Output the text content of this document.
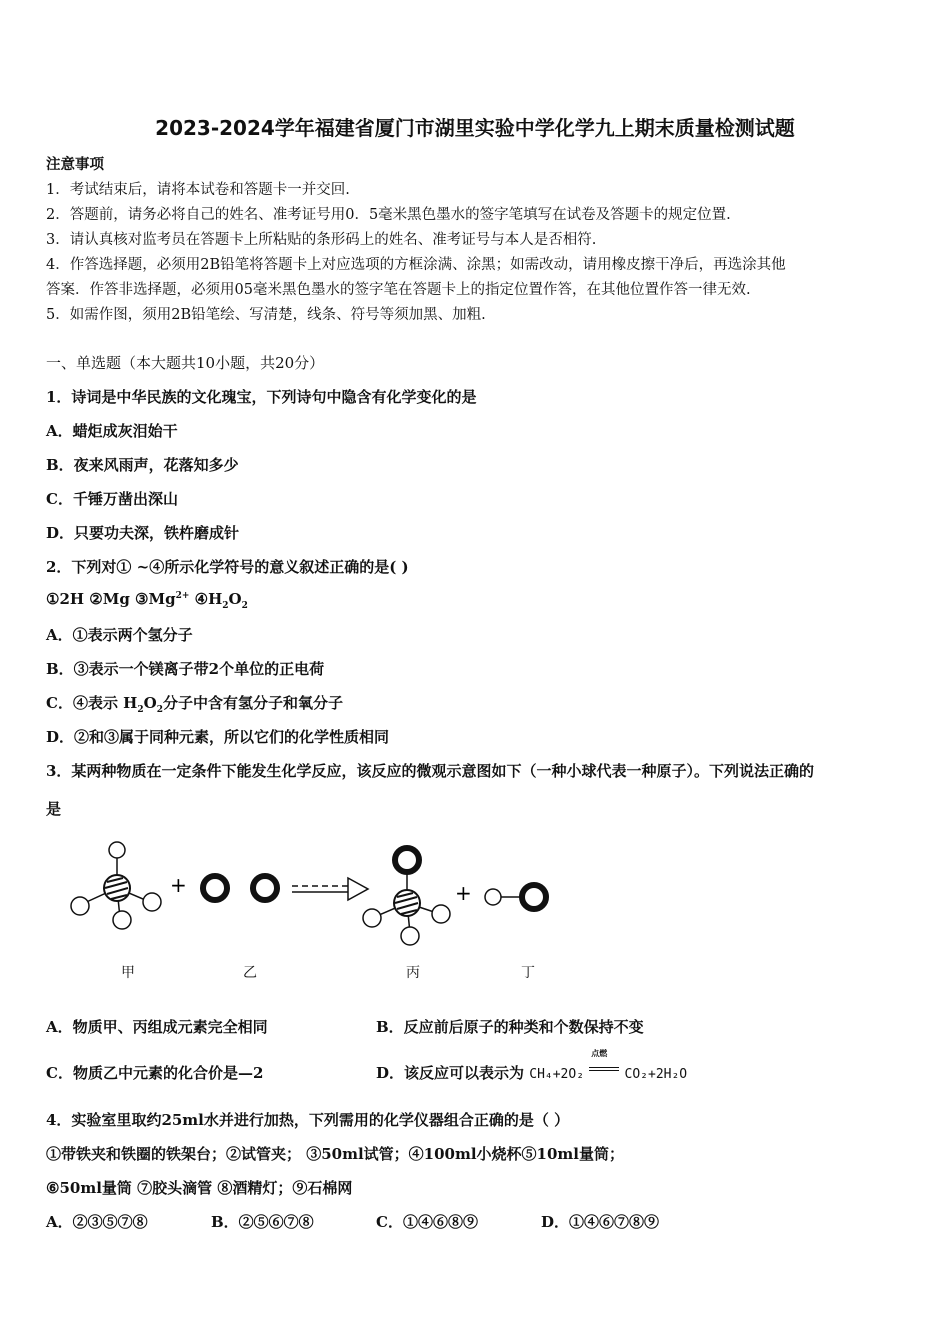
2023-2024学年福建省厦门市湖里实验中学化学九上期末质量检测试题
注意事项
1．考试结束后，请将本试卷和答题卡一并交回.
2．答题前，请务必将自己的姓名、准考证号用0．5毫米黑色墨水的签字笔填写在试卷及答题卡的规定位置.
3．请认真核对监考员在答题卡上所粘贴的条形码上的姓名、准考证号与本人是否相符.
4．作答选择题，必须用2B铅笔将答题卡上对应选项的方框涂满、涂黑；如需改动，请用橡皮擦干净后，再选涂其他
答案．作答非选择题，必须用05毫米黑色墨水的签字笔在答题卡上的指定位置作答，在其他位置作答一律无效.
5．如需作图，须用2B铅笔绘、写清楚，线条、符号等须加黑、加粗.
一、单选题（本大题共10小题，共20分）
1．诗词是中华民族的文化瑰宝，下列诗句中隐含有化学变化的是
A．蜡炬成灰泪始干
B．夜来风雨声，花落知多少
C．千锤万凿出深山
D．只要功夫深，铁杵磨成针
2．下列对① ~④所示化学符号的意义叙述正确的是( )
①2H ②Mg $③Mg^{2+}$ $④H_2O_2$
A．①表示两个氢分子
B．③表示一个镁离子带2个单位的正电荷
C．④表示 $H_2O_2$分子中含有氢分子和氧分子
D．②和③属于同种元素，所以它们的化学性质相同
3．某两种物质在一定条件下能发生化学反应，该反应的微观示意图如下（一种小球代表一种原子）。下列说法正确的
是
+	+
甲	乙	丙	丁
A．物质甲、丙组成元素完全相同	B．反应前后原子的种类和个数保持不变
C．物质乙中元素的化合价是—2	D．该反应可以表示为 CH₄+2O₂
点燃
CO₂+2H₂O
4．实验室里取约25ml水并进行加热，下列需用的化学仪器组合正确的是（ ）
①带铁夹和铁圈的铁架台；②试管夹； ③50ml试管；④100ml小烧杯⑤10ml量筒；
⑥50ml量筒 ⑦胶头滴管 ⑧酒精灯；⑨石棉网
A．②③⑤⑦⑧	B．②⑤⑥⑦⑧	C．①④⑥⑧⑨	D．①④⑥⑦⑧⑨
